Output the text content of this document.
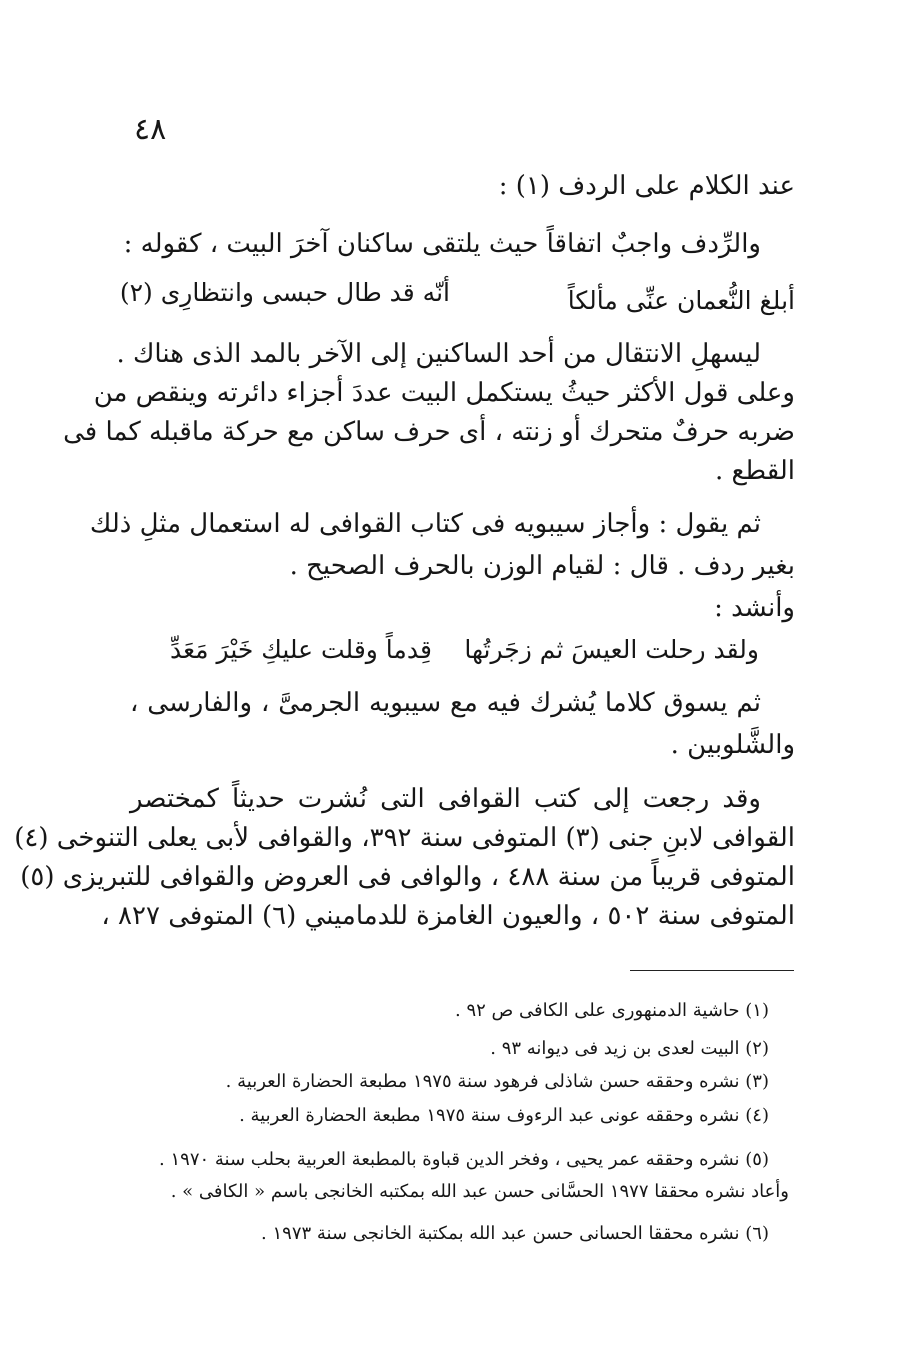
٤٨
عند الكلام على الردف (١) :
والرِّدف واجبٌ اتفاقاً حيث يلتقى ساكنان آخرَ البيت ، كقوله :
أبلغ النُّعمان عنِّى مألكاً
أنّه قد طال حبسى وانتظارِى (٢)
ليسهلِ الانتقال من أحد الساكنين إلى الآخر بالمد الذى هناك .
وعلى قول الأكثر حيثُ يستكمل البيت عددَ أجزاء دائرته وينقص من
ضربه حرفٌ متحرك أو زنته ، أى حرف ساكن مع حركة ماقبله كما فى
القطع .
ثم يقول : وأجاز سيبويه فى كتاب القوافى له استعمال مثلِ ذلك
بغير ردف . قال : لقيام الوزن بالحرف الصحيح .
وأنشد :
ولقد رحلت العيسَ ثم زجَرتُها
قِدماً وقلت عليكِ خَيْرَ مَعَدِّ
ثم يسوق كلاما يُشرك فيه مع سيبويه الجرمىَّ ، والفارسى ،
والشَّلوبين .
وقد رجعت إلى كتب القوافى التى نُشرت حديثاً كمختصر
القوافى لابنِ جنى (٣) المتوفى سنة ٣٩٢، والقوافى لأبى يعلى التنوخى (٤)
المتوفى قريباً من سنة ٤٨٨ ، والوافى فى العروض والقوافى للتبريزى (٥)
المتوفى سنة ٥٠٢ ، والعيون الغامزة للدماميني (٦) المتوفى ٨٢٧ ،
(١) حاشية الدمنهورى على الكافى ص ٩٢ .
(٢) البيت لعدى بن زيد فى ديوانه ٩٣ .
(٣) نشره وحققه حسن شاذلى فرهود سنة ١٩٧٥ مطبعة الحضارة العربية .
(٤) نشره وحققه عونى عبد الرءوف سنة ١٩٧٥ مطبعة الحضارة العربية .
(٥) نشره وحققه عمر يحيى ، وفخر الدين قباوة بالمطبعة العربية بحلب سنة ١٩٧٠ .
وأعاد نشره محققا ١٩٧٧ الحسَّانى حسن عبد الله بمكتبه الخانجى باسم « الكافى » .
(٦) نشره محققا الحسانى حسن عبد الله بمكتبة الخانجى سنة ١٩٧٣ .
